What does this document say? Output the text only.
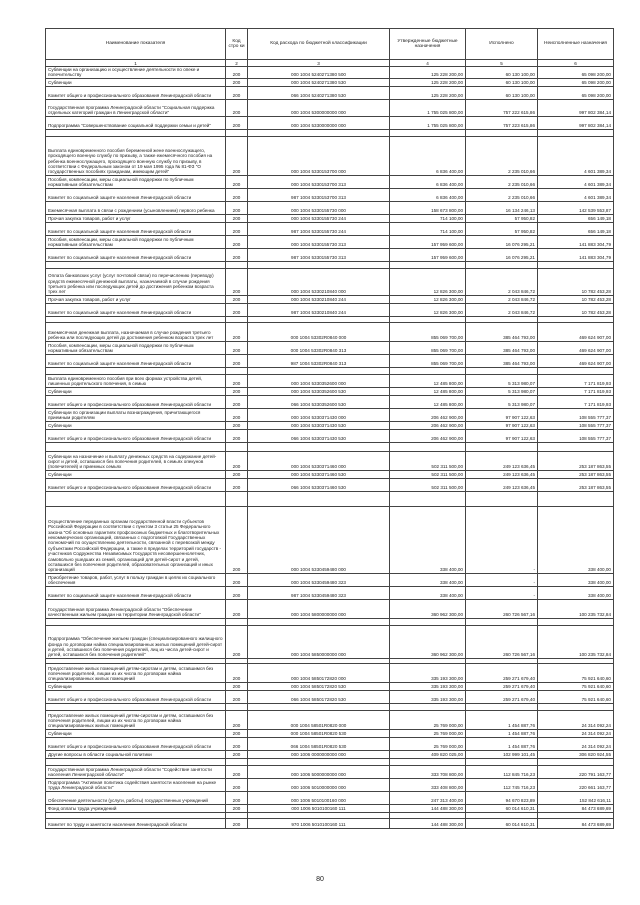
Наименование показателя	Код стро ки	Код расхода по бюджетной классификации	Утвержденные бюджетные назначения	Исполнено	Неисполненные назначения
1	2	3	4	5	6
Субвенции на организацию и осуществление деятельности по опеке и попечительству	200	000 1004 5240271380 500	125 228 200,00	60 130 100,00	65 098 200,00
Субвенции	200	000 1004 5240271380 530	125 228 200,00	60 130 100,00	65 098 200,00
Комитет общего и профессионального образования Ленинградской области	200	066 1004 5240271380 530	125 228 200,00	60 130 100,00	65 098 200,00
Государственная программа Ленинградской области "Социальная поддержка отдельных категорий граждан в Ленинградской области"	200	000 1004 5300000000 000	1 755 025 800,00	757 222 615,86	997 802 384,14
Подпрограмма "Совершенствование социальной поддержки семьи и детей"	200	000 1004 5330000000 000	1 755 025 800,00	757 223 615,86	997 802 384,14

Выплата единовременного пособия беременной жене военнослужащего, проходящего военную службу по призыву, а также ежемесячного пособия на ребенка военнослужащего, проходящего военную службу по призыву, в соответствии с Федеральным законом от 19 мая 1995 года № 81-ФЗ "О государственных пособиях гражданам, имеющим детей"	200	000 1004 5330153700 000	6 836 400,00	2 235 010,66	4 601 389,34
Пособия, компенсации, меры социальной поддержки по публичным нормативным обязательствам	200	000 1004 5330153700 313	6 836 400,00	2 235 010,66	4 601 389,34
Комитет по социальной защите населения Ленинградской области	200	987 1004 5330153700 313	6 836 400,00	2 235 010,66	4 601 389,34
Ежемесячная выплата в связи с рождением (усыновлением) первого ребенка	200	000 1004 5330155730 000	158 673 800,00	16 134 246,13	142 539 553,87
Прочая закупка товаров, работ и услуг	200	000 1004 5330155730 244	714 100,00	57 950,82	656 149,18
Комитет по социальной защите населения Ленинградской области	200	987 1004 5330155730 244	714 100,00	57 950,82	656 149,18
Пособия, компенсации, меры социальной поддержки по публичным нормативным обязательствам	200	000 1004 5330155730 313	157 959 600,00	16 076 295,21	141 883 304,79
Комитет по социальной защите населения Ленинградской области	200	987 1004 5330155730 313	157 959 600,00	16 076 295,21	141 883 304,79

Оплата банковских услуг (услуг почтовой связи) по перечислению (переводу) средств ежемесячной денежной выплаты, назначаемой в случае рождения третьего ребенка или последующих детей до достижения ребенком возраста трех лет	200	000 1004 5330210840 000	12 826 300,00	2 043 846,72	10 782 453,28
Прочая закупка товаров, работ и услуг	200	000 1004 5330210840 244	12 826 300,00	2 043 846,72	10 782 453,28
Комитет по социальной защите населения Ленинградской области	200	987 1004 5330210840 244	12 826 300,00	2 043 846,72	10 782 453,28

Ежемесячная денежная выплата, назначаемая в случае рождения третьего ребенка или последующих детей до достижения ребенком возраста трех лет	200	000 1004 53302R0840 000	855 069 700,00	385 464 793,00	469 624 907,00
Пособия, компенсации, меры социальной поддержки по публичным нормативным обязательствам	200	000 1004 53302R0840 313	855 069 700,00	385 464 793,00	469 624 907,00
Комитет по социальной защите населения Ленинградской области	200	987 1004 53302R0840 313	855 069 700,00	385 464 793,00	469 624 907,00

Выплата единовременного пособия при всех формах устройства детей, лишенных родительского попечения, в семью	200	000 1004 5330352600 000	12 485 800,00	5 313 980,07	7 171 819,93
Субвенции	200	000 1004 5330352600 530	12 485 800,00	5 313 980,07	7 171 819,93
Комитет общего и профессионального образования Ленинградской области	200	066 1004 5330352600 530	12 485 800,00	5 313 980,07	7 171 819,93
Субвенции по организации выплаты вознаграждения, причитающегося приемным родителям	200	000 1004 5330371430 000	206 462 900,00	97 907 122,63	108 555 777,37
Субвенции	200	000 1004 5330371430 530	206 462 900,00	97 907 122,63	108 555 777,37
Комитет общего и профессионального образования Ленинградской области	200	066 1004 5330371430 530	206 462 900,00	97 907 122,63	108 555 777,37

Субвенции на назначение и выплату денежных средств на содержание детей-сирот и детей, оставшихся без попечения родителей, в семьях опекунов (попечителей) и приемных семьях	200	000 1004 5330371460 000	502 311 500,00	249 123 636,45	253 187 863,55
Субвенции	200	000 1004 5330371460 530	502 311 500,00	249 123 636,45	253 187 863,55
Комитет общего и профессионального образования Ленинградской области	200	066 1004 5330371460 530	502 311 500,00	249 123 636,45	253 187 863,55

Осуществление переданных органам государственной власти субъектов Российской Федерации в соответствии с пунктом 3 статьи 25 Федерального закона "Об основных гарантиях профсоюзных бюджетных и благотворительных некоммерческих организаций, связанных с подготовкой Государственных полномочий по осуществлению деятельности, связанной с перевозкой между субъектами Российской Федерации, а также в пределах территорий государств - участников Содружества Независимых Государств несовершеннолетних, самовольно ушедших из семей, организаций для детей-сирот и детей, оставшихся без попечения родителей, образовательных организаций и иных организаций	200	000 1004 5330459480 000	338 400,00	-	338 400,00
Приобретение товаров, работ, услуг в пользу граждан в целях их социального обеспечения	200	000 1004 5330459480 323	338 400,00	-	338 400,00
Комитет по социальной защите населения Ленинградской области	200	987 1004 5330459480 323	338 400,00	-	338 400,00
Государственная программа Ленинградской области "Обеспечение качественным жильем граждан на территории Ленинградской области"	200	000 1004 5800000000 000	360 962 300,00	260 726 567,16	100 235 732,84

Подпрограмма "Обеспечение жильем граждан (специализированного жилищного фонда по договорам найма специализированных жилых помещений детей-сирот и детей, оставшихся без попечения родителей, лиц из числа детей-сирот и детей, оставшихся без попечения родителей"	200	000 1004 5850000000 000	360 962 300,00	260 726 567,16	100 235 732,84

Предоставление жилых помещений детям-сиротам и детям, оставшимся без попечения родителей, лицам из их числа по договорам найма специализированных жилых помещений	200	000 1004 5850172820 000	335 193 300,00	259 271 679,40	75 921 640,60
Субвенции	200	000 1004 5850172820 530	335 193 300,00	259 271 679,40	75 921 640,60
Комитет общего и профессионального образования Ленинградской области	200	066 1004 5850172820 530	335 193 300,00	259 271 679,40	75 921 640,60

Предоставление жилых помещений детям-сиротам и детям, оставшимся без попечения родителей, лицам из их числа по договорам найма специализированных жилых помещений	200	000 1004 58501R0820 000	25 769 000,00	1 454 887,76	24 314 092,24
Субвенции	200	000 1004 58501R0820 530	25 769 000,00	1 454 887,76	24 314 092,24
Комитет общего и профессионального образования Ленинградской области	200	066 1004 58501R0820 530	25 769 000,00	1 454 887,76	24 314 092,24
Другие вопросы в области социальной политики	200	000 1006 0000000000 000	409 820 025,00	102 999 101,45	306 820 924,55

Государственная программа Ленинградской области "Содействие занятости населения Ленинградской области"	200	000 1006 5000000000 000	333 708 800,00	112 845 716,23	220 791 163,77
Подпрограмма "Активная политика содействия занятости населения на рынке труда Ленинградской области"	200	000 1006 5010000000 000	333 408 800,00	112 745 716,23	220 661 163,77
Обеспечение деятельности (услуги, работы) государственных учреждений	200	000 1006 5010100160 000	247 313 400,00	94 670 823,89	152 842 616,11
Фонд оплаты труда учреждений	200	000 1006 5010100160 111	144 488 300,00	60 014 610,31	84 473 689,69

Комитет по труду и занятости населения Ленинградской области	200	970 1006 5010100160 111	144 488 300,00	60 014 610,31	84 473 689,69
80
